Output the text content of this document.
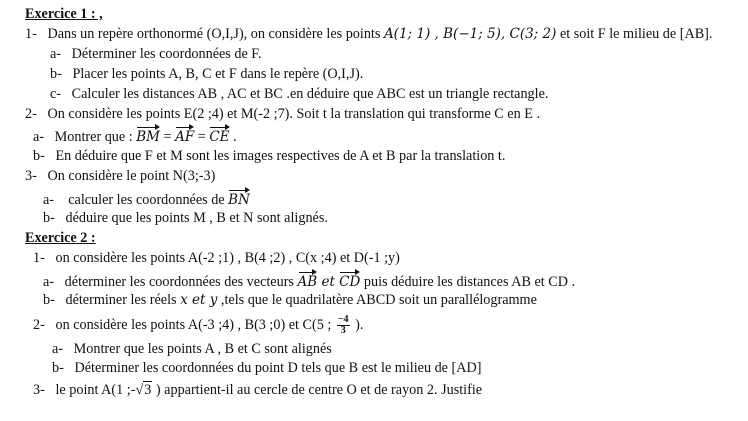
Exercice 1 : ,
1- Dans un repère orthonormé (O,I,J), on considère les points A(1; 1) , B(−1; 5), C(3; 2) et soit F le milieu de [AB].
a- Déterminer les coordonnées de F.
b- Placer les points A, B, C et F dans le repère (O,I,J).
c- Calculer les distances AB , AC et BC .en déduire que ABC est un triangle rectangle.
2- On considère les points E(2 ;4) et M(-2 ;7). Soit t la translation qui transforme C en E .
a- Montrer que : BM = AF = CE .
b- En déduire que F et M sont les images respectives de A et B par la translation t.
3- On considère le point N(3;-3)
a- calculer les coordonnées de BN
b- déduire que les points M , B et N sont alignés.
Exercice 2 :
1- on considère les points A(-2 ;1) , B(4 ;2) , C(x ;4) et D(-1 ;y)
a- déterminer les coordonnées des vecteurs AB et CD puis déduire les distances AB et CD .
b- déterminer les réels x et y ,tels que le quadrilatère ABCD soit un parallélogramme
2- on considère les points A(-3 ;4) , B(3 ;0) et C(5 ; $\frac{-4}{3}$ ).
a- Montrer que les points A , B et C sont alignés
b- Déterminer les coordonnées du point D tels que B est le milieu de [AD]
3- le point A(1 ;-√3 ) appartient-il au cercle de centre O et de rayon 2. Justifie
